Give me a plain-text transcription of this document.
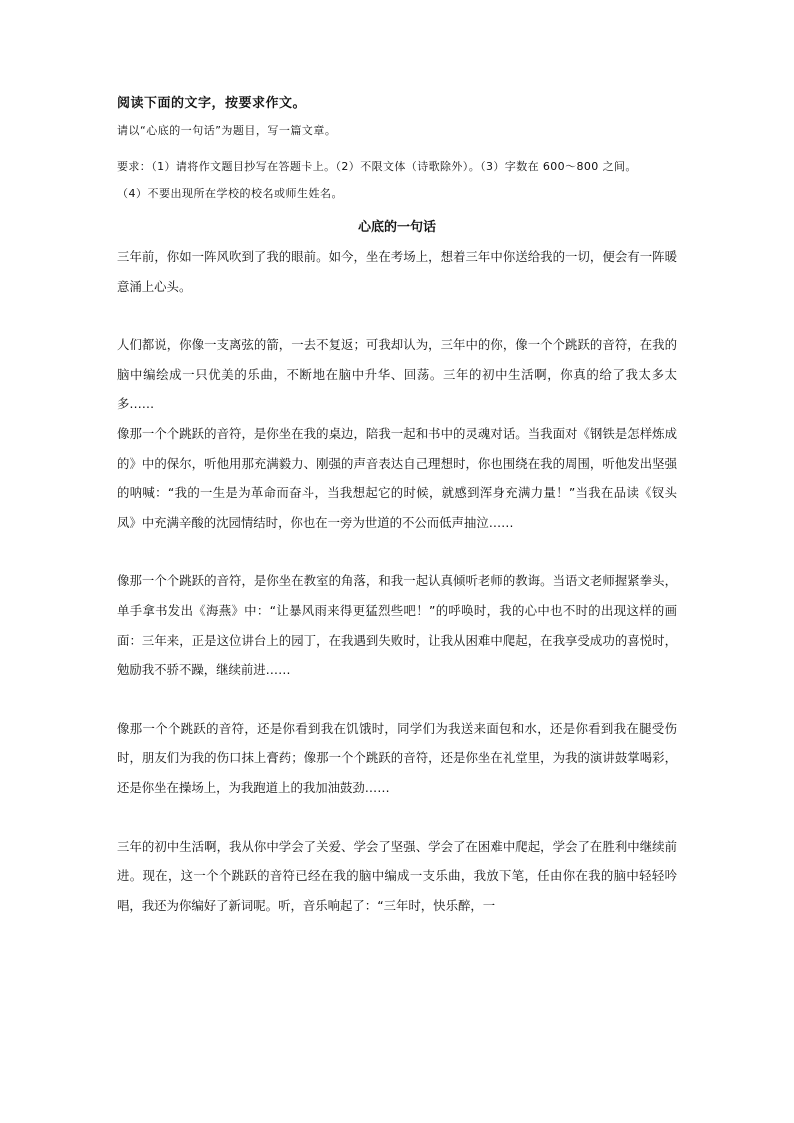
阅读下面的文字，按要求作文。

请以“心底的一句话”为题目，写一篇文章。

要求：（1）请将作文题目抄写在答题卡上。（2）不限文体（诗歌除外）。（3）字数在 600～800 之间。

（4）不要出现所在学校的校名或师生姓名。

心底的一句话

三年前，你如一阵风吹到了我的眼前。如今，坐在考场上，想着三年中你送给我的一切，便会有一阵暖意涌上心头。

人们都说，你像一支离弦的箭，一去不复返；可我却认为，三年中的你，像一个个跳跃的音符，在我的脑中编绘成一只优美的乐曲，不断地在脑中升华、回荡。三年的初中生活啊，你真的给了我太多太多……

像那一个个跳跃的音符，是你坐在我的桌边，陪我一起和书中的灵魂对话。当我面对《钢铁是怎样炼成的》中的保尔，听他用那充满毅力、刚强的声音表达自己理想时，你也围绕在我的周围，听他发出坚强的呐喊：“我的一生是为革命而奋斗，当我想起它的时候，就感到浑身充满力量！”当我在品读《钗头凤》中充满辛酸的沈园情结时，你也在一旁为世道的不公而低声抽泣……

像那一个个跳跃的音符，是你坐在教室的角落，和我一起认真倾听老师的教诲。当语文老师握紧拳头，单手拿书发出《海燕》中：“让暴风雨来得更猛烈些吧！”的呼唤时，我的心中也不时的出现这样的画面：三年来，正是这位讲台上的园丁，在我遇到失败时，让我从困难中爬起，在我享受成功的喜悦时，勉励我不骄不躁，继续前进……

像那一个个跳跃的音符，还是你看到我在饥饿时，同学们为我送来面包和水，还是你看到我在腿受伤时，朋友们为我的伤口抹上膏药；像那一个个跳跃的音符，还是你坐在礼堂里，为我的演讲鼓掌喝彩，还是你坐在操场上，为我跑道上的我加油鼓劲……

三年的初中生活啊，我从你中学会了关爱、学会了坚强、学会了在困难中爬起，学会了在胜利中继续前进。现在，这一个个跳跃的音符已经在我的脑中编成一支乐曲，我放下笔，任由你在我的脑中轻轻吟唱，我还为你编好了新词呢。听，音乐响起了：“三年时，快乐醉，一
